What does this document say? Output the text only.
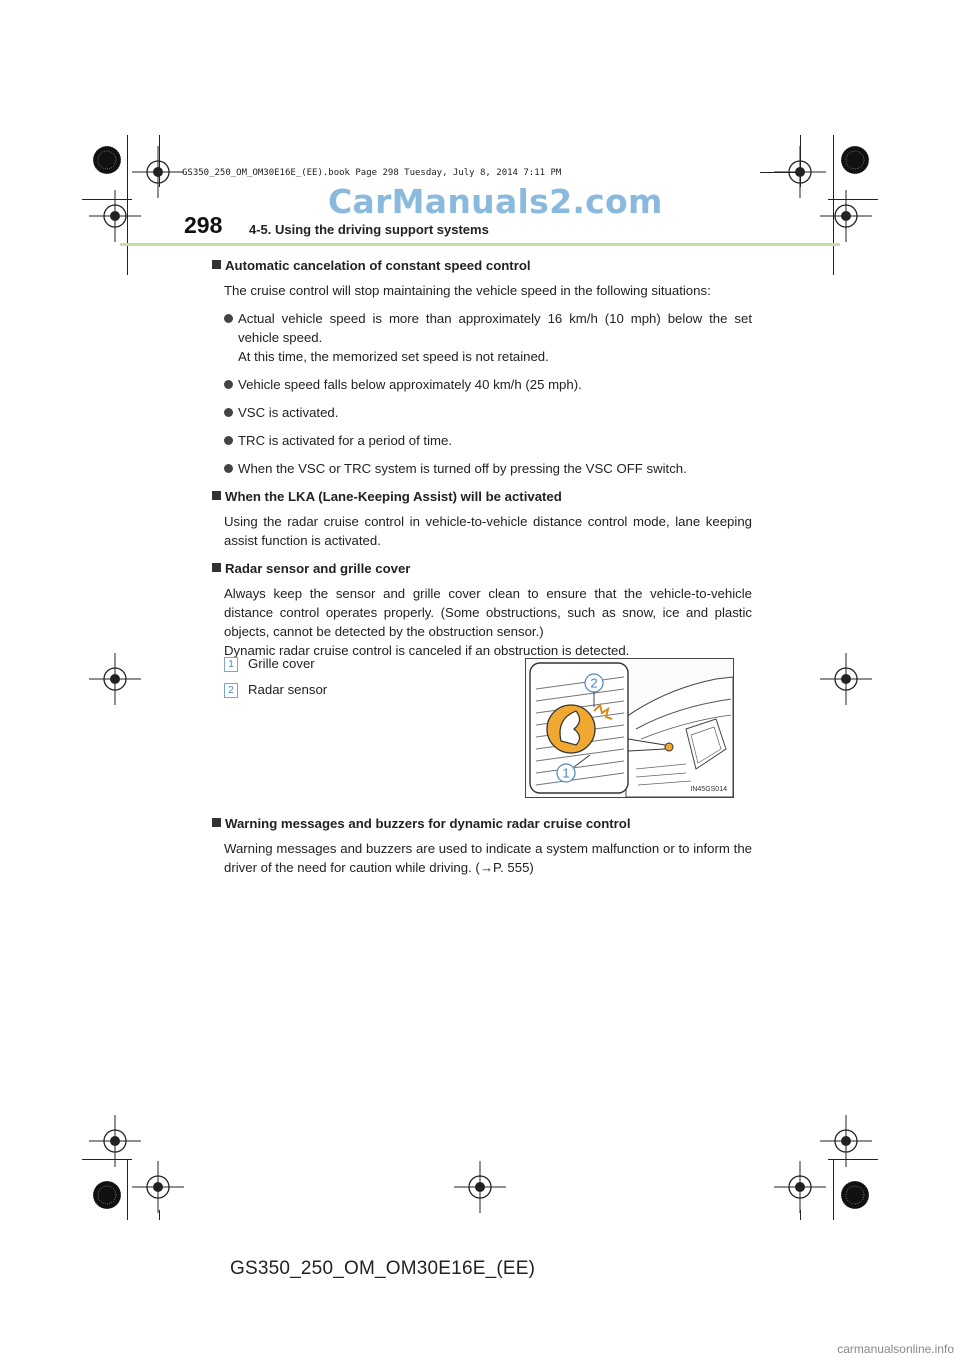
GS350_250_OM_OM30E16E_(EE).book Page 298 Tuesday, July 8, 2014 7:11 PM
CarManuals2.com
298 4-5. Using the driving support systems
Automatic cancelation of constant speed control
The cruise control will stop maintaining the vehicle speed in the following situations:
Actual vehicle speed is more than approximately 16 km/h (10 mph) below the set vehicle speed.
At this time, the memorized set speed is not retained.
Vehicle speed falls below approximately 40 km/h (25 mph).
VSC is activated.
TRC is activated for a period of time.
When the VSC or TRC system is turned off by pressing the VSC OFF switch.
When the LKA (Lane-Keeping Assist) will be activated
Using the radar cruise control in vehicle-to-vehicle distance control mode, lane keeping assist function is activated.
Radar sensor and grille cover
Always keep the sensor and grille cover clean to ensure that the vehicle-to-vehicle distance control operates properly. (Some obstructions, such as snow, ice and plastic objects, cannot be detected by the obstruction sensor.)
Dynamic radar cruise control is canceled if an obstruction is detected.
1 Grille cover
2 Radar sensor	2
1
IN45GS014
Warning messages and buzzers for dynamic radar cruise control
Warning messages and buzzers are used to indicate a system malfunction or to inform the driver of the need for caution while driving. (→P. 555)
GS350_250_OM_OM30E16E_(EE)
carmanualsonline.info
